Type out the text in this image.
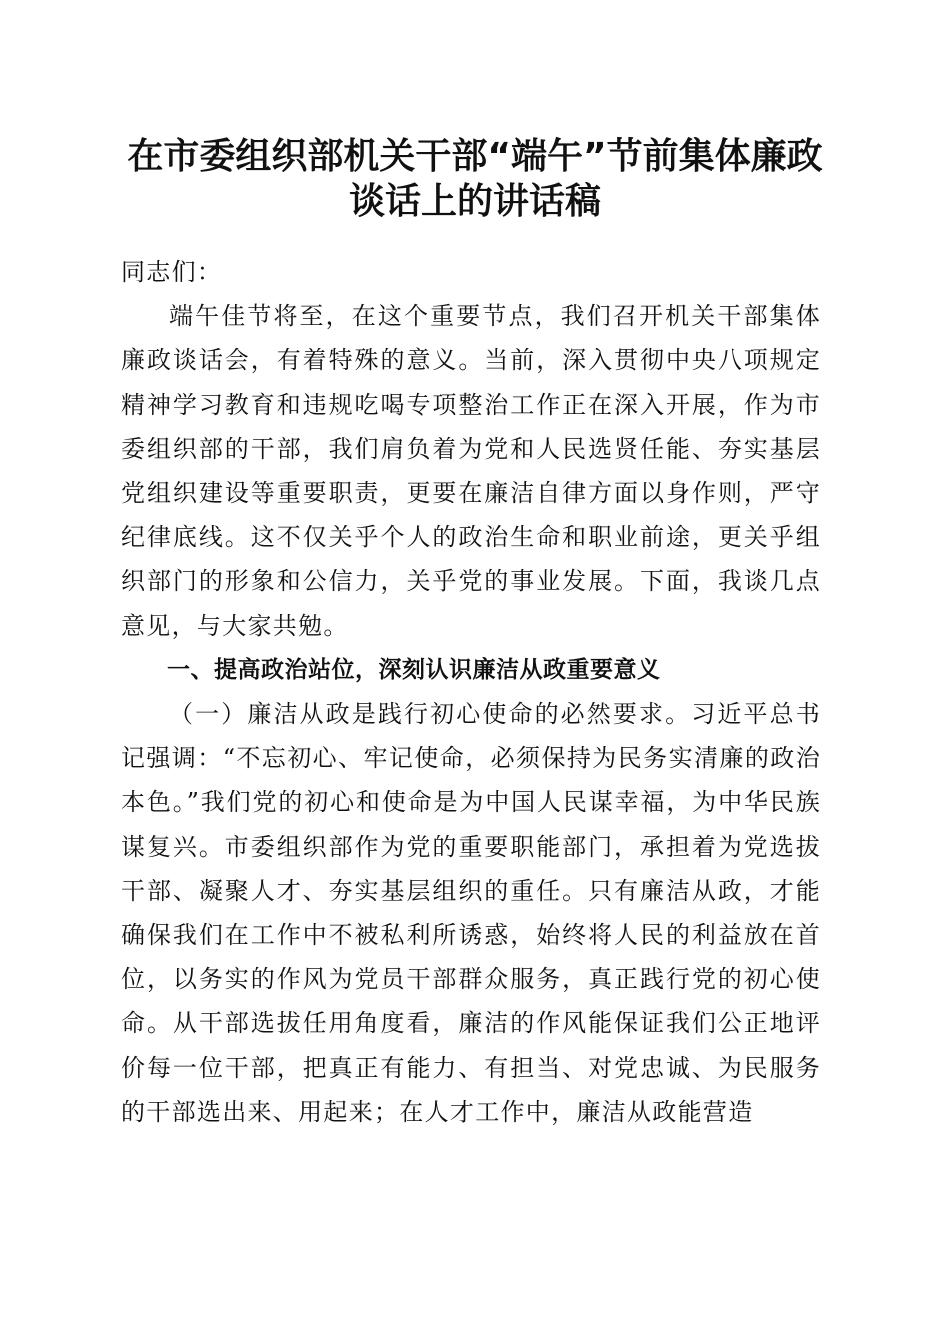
在市委组织部机关干部“端午”节前集体廉政
谈话上的讲话稿

同志们：

端午佳节将至，在这个重要节点，我们召开机关干部集体廉政谈话会，有着特殊的意义。当前，深入贯彻中央八项规定精神学习教育和违规吃喝专项整治工作正在深入开展，作为市委组织部的干部，我们肩负着为党和人民选贤任能、夯实基层党组织建设等重要职责，更要在廉洁自律方面以身作则，严守纪律底线。这不仅关乎个人的政治生命和职业前途，更关乎组织部门的形象和公信力，关乎党的事业发展。下面，我谈几点意见，与大家共勉。

一、提高政治站位，深刻认识廉洁从政重要意义

（一）廉洁从政是践行初心使命的必然要求。习近平总书记强调：“不忘初心、牢记使命，必须保持为民务实清廉的政治本色。”我们党的初心和使命是为中国人民谋幸福，为中华民族谋复兴。市委组织部作为党的重要职能部门，承担着为党选拔干部、凝聚人才、夯实基层组织的重任。只有廉洁从政，才能确保我们在工作中不被私利所诱惑，始终将人民的利益放在首位，以务实的作风为党员干部群众服务，真正践行党的初心使命。从干部选拔任用角度看，廉洁的作风能保证我们公正地评价每一位干部，把真正有能力、有担当、对党忠诚、为民服务的干部选出来、用起来；在人才工作中，廉洁从政能营造
